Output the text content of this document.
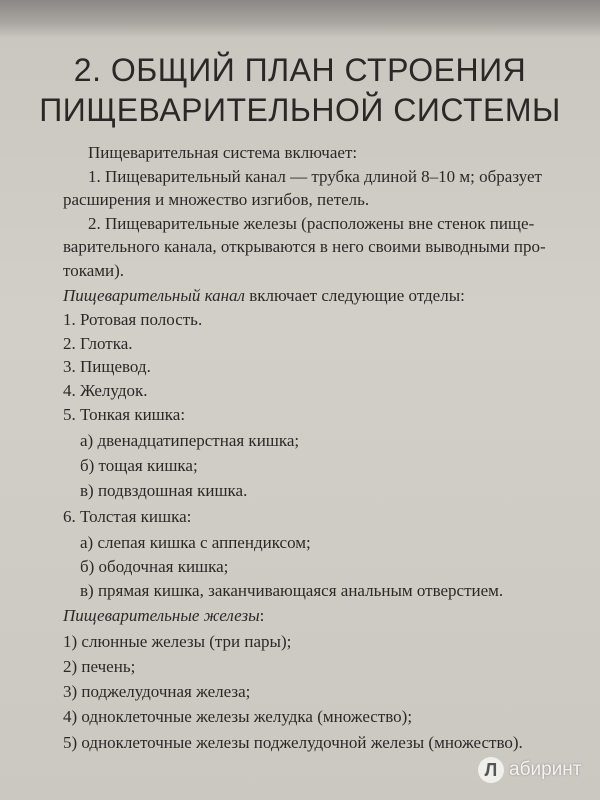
2. ОБЩИЙ ПЛАН СТРОЕНИЯ
ПИЩЕВАРИТЕЛЬНОЙ СИСТЕМЫ
Пищеварительная система включает:
1. Пищеварительный канал — трубка длиной 8–10 м; образует
расширения и множество изгибов, петель.
2. Пищеварительные железы (расположены вне стенок пище-
варительного канала, открываются в него своими выводными про-
токами).
Пищеварительный канал включает следующие отделы:
1. Ротовая полость.
2. Глотка.
3. Пищевод.
4. Желудок.
5. Тонкая кишка:
а) двенадцатиперстная кишка;
б) тощая кишка;
в) подвздошная кишка.
6. Толстая кишка:
а) слепая кишка с аппендиксом;
б) ободочная кишка;
в) прямая кишка, заканчивающаяся анальным отверстием.
Пищеварительные железы:
1) слюнные железы (три пары);
2) печень;
3) поджелудочная железа;
4) одноклеточные железы желудка (множество);
5) одноклеточные железы поджелудочной железы (множество).
Л абиринт
